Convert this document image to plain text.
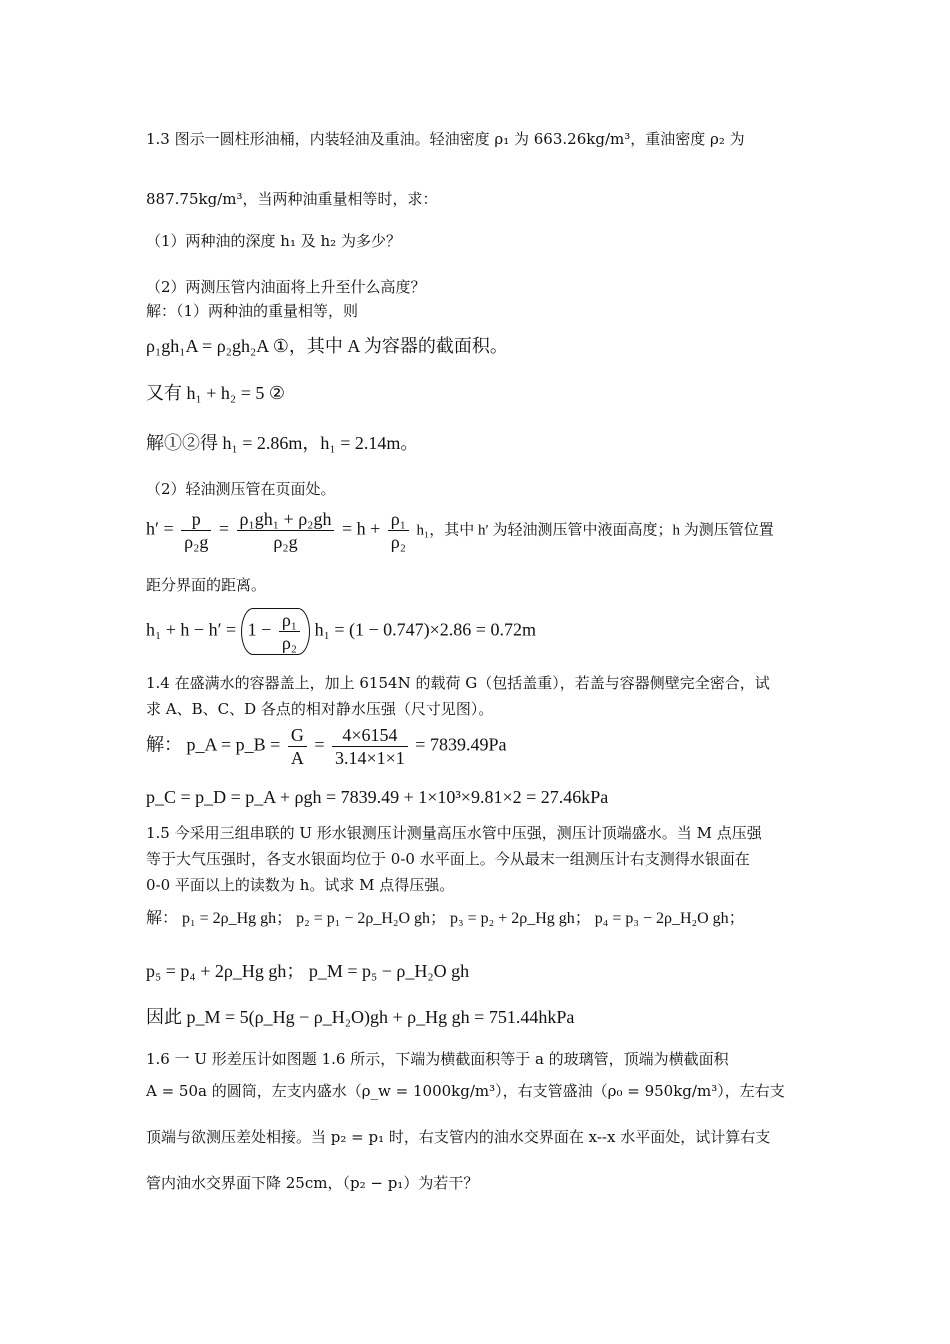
1.3 图示一圆柱形油桶，内装轻油及重油。轻油密度 ρ₁ 为 663.26kg/m³，重油密度 ρ₂ 为
887.75kg/m³，当两种油重量相等时，求：
（1）两种油的深度 h₁ 及 h₂ 为多少？
（2）两测压管内油面将上升至什么高度？
解：（1）两种油的重量相等，则
ρ₁gh₁A = ρ₂gh₂A ①，其中 A 为容器的截面积。
又有 h₁ + h₂ = 5 ②
解①②得 h₁ = 2.86m，h₁ = 2.14m。
（2）轻油测压管在页面处。
$h' = \frac{p}{\text{ρ₂g}} = \frac{\text{ρ₁gh₁ + ρ₂gh}}{\text{ρ₂g}} = h + \frac{\text{ρ₁}}{\text{ρ₂}} h_1$，其中 h′ 为轻油测压管中液面高度；h 为测压管位置
距分界面的距离。
$h_1 + h - h' = 1 - \frac{\text{ρ₁}}{\text{ρ₂}} h_1 = (1 - 0.747)\times 2.86 = 0.72m$
1.4 在盛满水的容器盖上，加上 6154N 的载荷 G（包括盖重），若盖与容器侧壁完全密合，试
求 A、B、C、D 各点的相对静水压强（尺寸见图）。
解： p_A = p_B = $\frac{G}{A} = \frac{4\times 6154}{3.14\times 1\times 1} = 7839.49Pa$
p_C = p_D = p_A + ρgh = 7839.49 + 1×10³×9.81×2 = 27.46kPa
1.5 今采用三组串联的 U 形水银测压计测量高压水管中压强，测压计顶端盛水。当 M 点压强
等于大气压强时，各支水银面均位于 0-0 水平面上。今从最末一组测压计右支测得水银面在
0-0 平面以上的读数为 h。试求 M 点得压强。
解： p₁ = 2ρ_Hg gh； p₂ = p₁ − 2ρ_H₂O gh； p₃ = p₂ + 2ρ_Hg gh； p₄ = p₃ − 2ρ_H₂O gh；
p₅ = p₄ + 2ρ_Hg gh； p_M = p₅ − ρ_H₂O gh
因此 p_M = 5(ρ_Hg − ρ_H₂O)gh + ρ_Hg gh = 751.44hkPa
1.6 一 U 形差压计如图题 1.6 所示，下端为横截面积等于 a 的玻璃管，顶端为横截面积
A = 50a 的圆筒，左支内盛水（ρ_w = 1000kg/m³），右支管盛油（ρ₀ = 950kg/m³），左右支
顶端与欲测压差处相接。当 p₂ = p₁ 时，右支管内的油水交界面在 x--x 水平面处，试计算右支
管内油水交界面下降 25cm，（p₂ − p₁）为若干？
